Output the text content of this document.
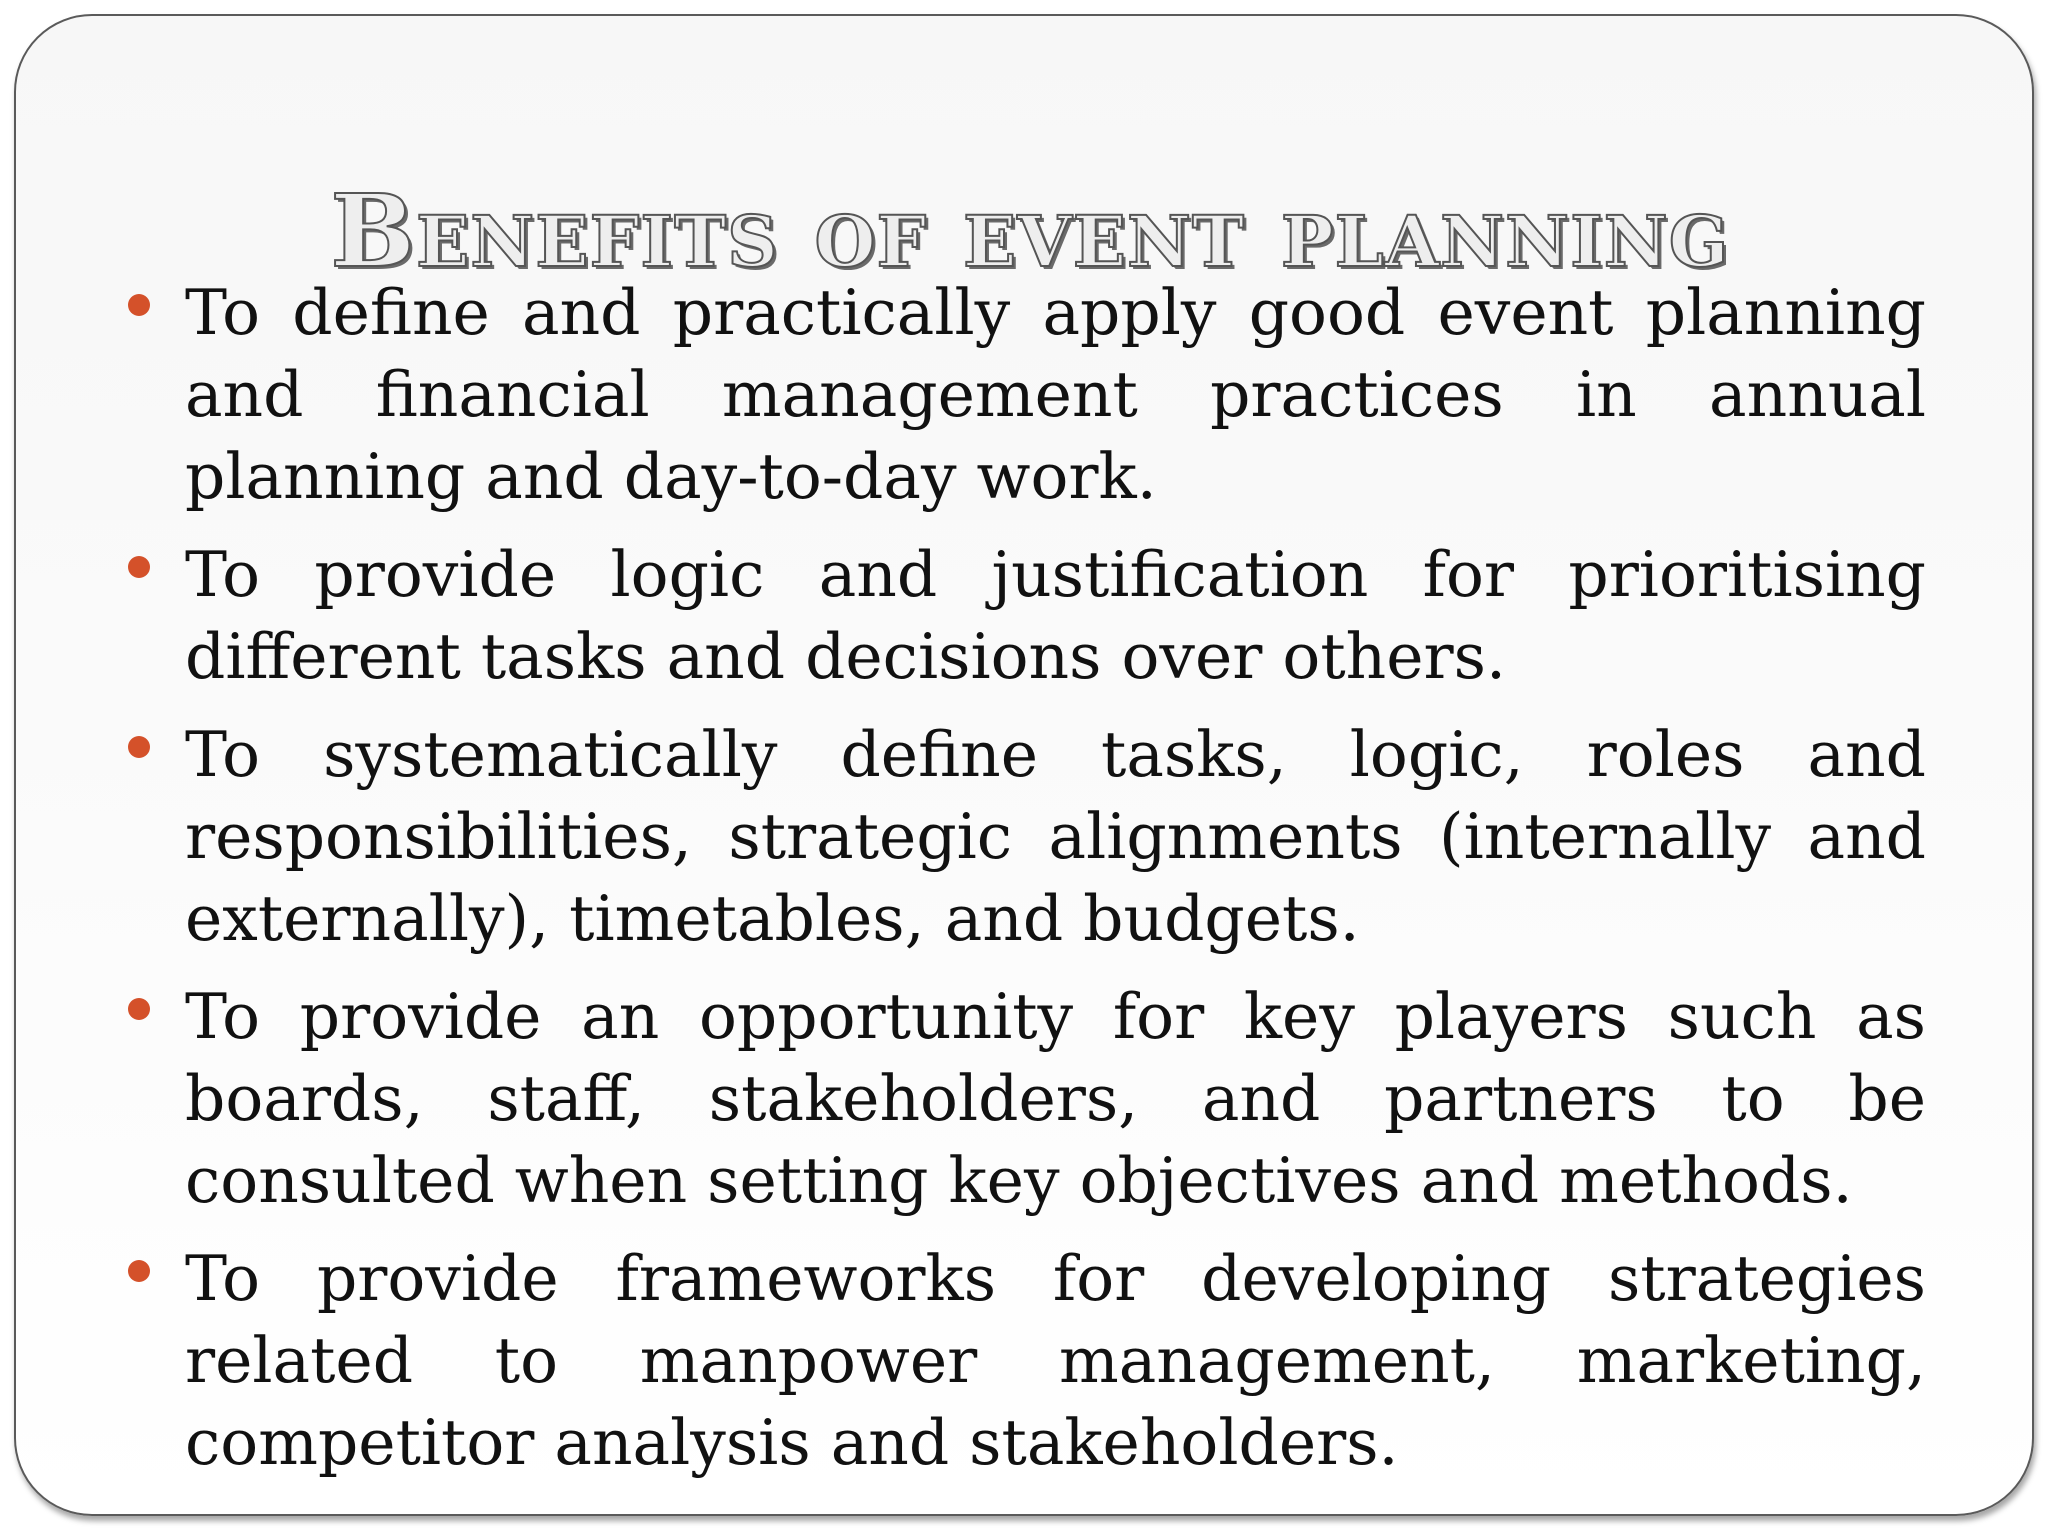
Benefits of event planning
To define and practically apply good event planning and financial management practices in annual planning and day-to-day work.
To provide logic and justification for prioritising different tasks and decisions over others.
To systematically define tasks, logic, roles and responsibilities, strategic alignments (internally and externally), timetables, and budgets.
To provide an opportunity for key players such as boards, staff, stakeholders, and partners to be consulted when setting key objectives and methods.
To provide frameworks for developing strategies related to manpower management, marketing, competitor analysis and stakeholders.
